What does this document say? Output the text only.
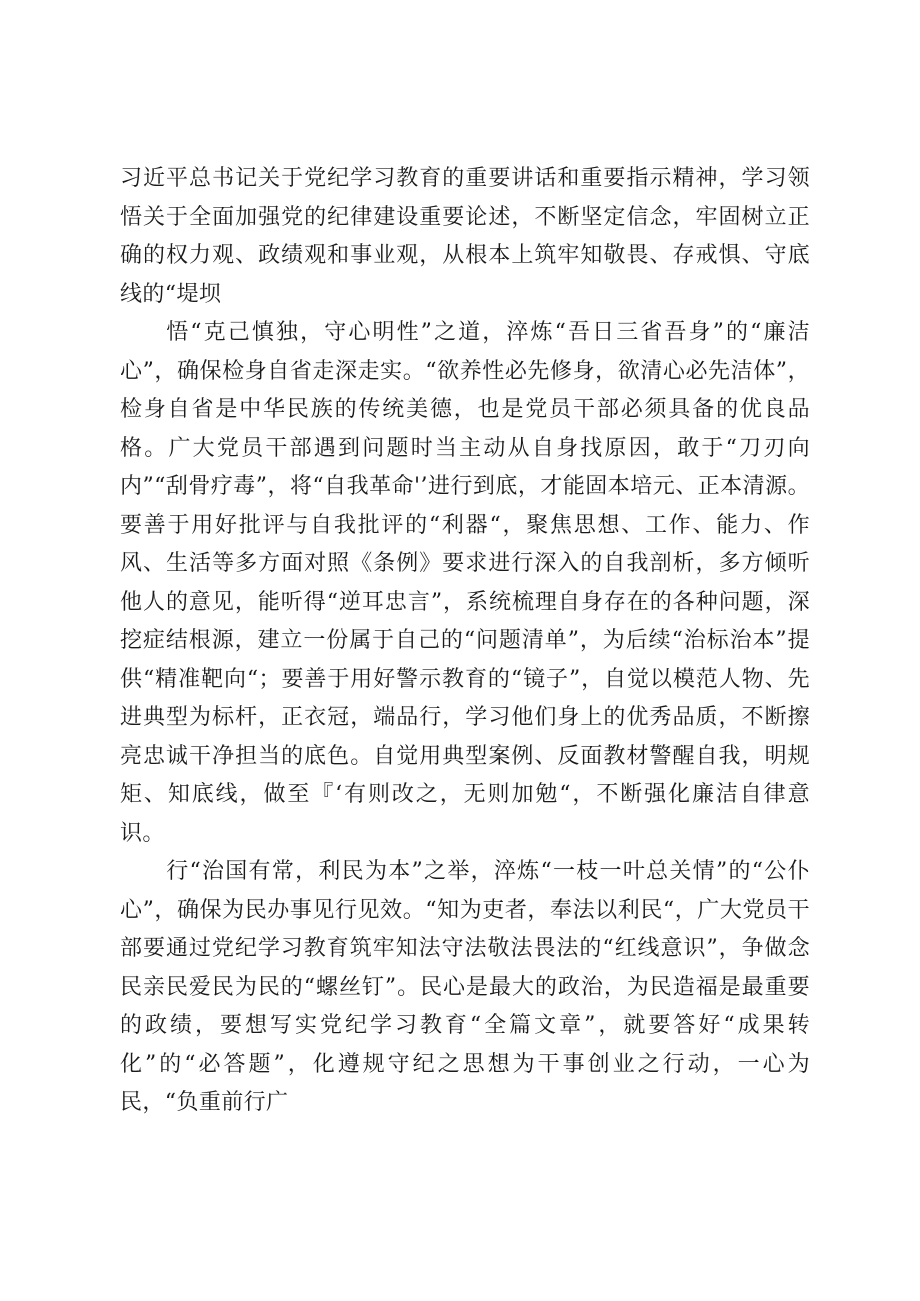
习近平总书记关于党纪学习教育的重要讲话和重要指示精神，学习领悟关于全面加强党的纪律建设重要论述，不断坚定信念，牢固树立正确的权力观、政绩观和事业观，从根本上筑牢知敬畏、存戒惧、守底线的“堤坝

悟“克己慎独，守心明性”之道，淬炼“吾日三省吾身”的“廉洁心”，确保检身自省走深走实。“欲养性必先修身，欲清心必先洁体”，检身自省是中华民族的传统美德，也是党员干部必须具备的优良品格。广大党员干部遇到问题时当主动从自身找原因，敢于“刀刃向内”“刮骨疗毒”，将“自我革命'’进行到底，才能固本培元、正本清源。要善于用好批评与自我批评的“利器“，聚焦思想、工作、能力、作风、生活等多方面对照《条例》要求进行深入的自我剖析，多方倾听他人的意见，能听得“逆耳忠言”，系统梳理自身存在的各种问题，深挖症结根源，建立一份属于自己的“问题清单”，为后续“治标治本”提供“精准靶向“；要善于用好警示教育的“镜子”，自觉以模范人物、先进典型为标杆，正衣冠，端品行，学习他们身上的优秀品质，不断擦亮忠诚干净担当的底色。自觉用典型案例、反面教材警醒自我，明规矩、知底线，做至『‘有则改之，无则加勉“，不断强化廉洁自律意识。

行“治国有常，利民为本”之举，淬炼“一枝一叶总关情”的“公仆心”，确保为民办事见行见效。“知为吏者，奉法以利民“，广大党员干部要通过党纪学习教育筑牢知法守法敬法畏法的“红线意识”，争做念民亲民爱民为民的“螺丝钉”。民心是最大的政治，为民造福是最重要的政绩，要想写实党纪学习教育“全篇文章”，就要答好“成果转化”的“必答题”，化遵规守纪之思想为干事创业之行动，一心为民，“负重前行广
